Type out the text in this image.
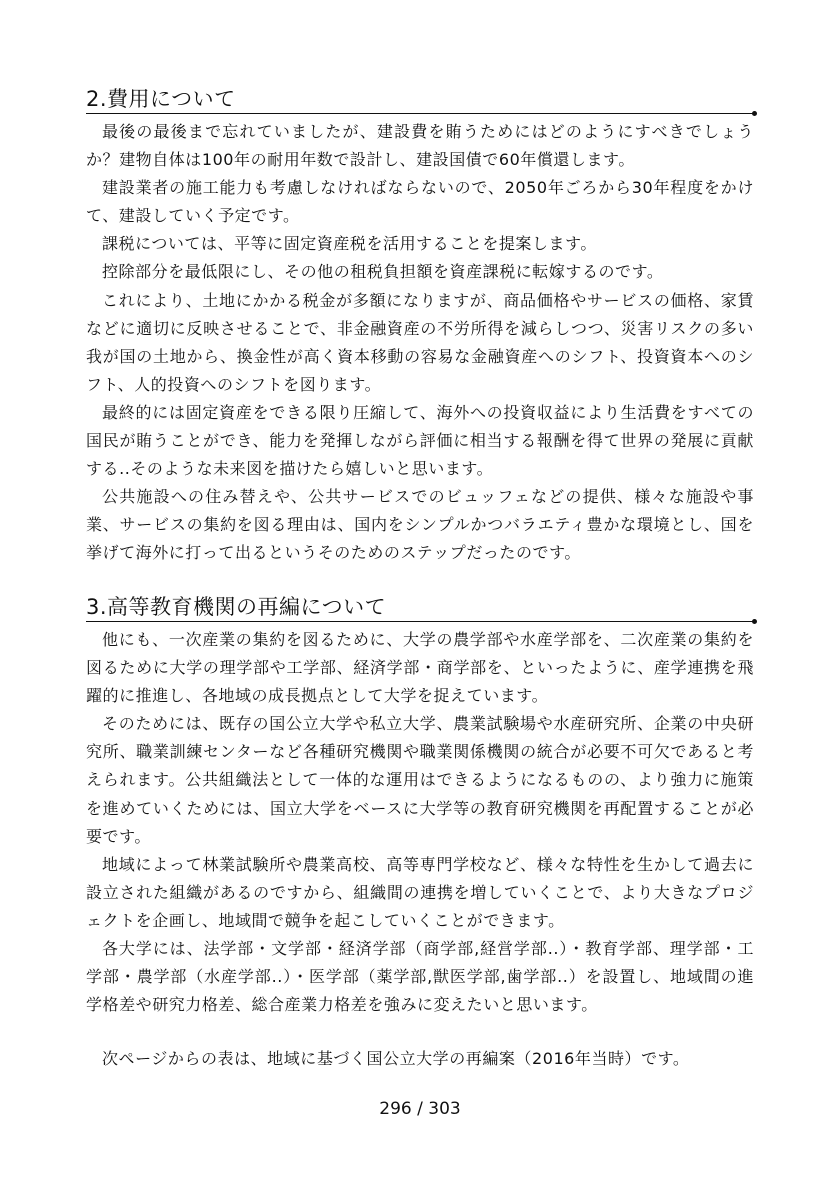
2.費用について

最後の最後まで忘れていましたが、建設費を賄うためにはどのようにすべきでしょうか？建物自体は100年の耐用年数で設計し、建設国債で60年償還します。

建設業者の施工能力も考慮しなければならないので、2050年ごろから30年程度をかけて、建設していく予定です。

課税については、平等に固定資産税を活用することを提案します。

控除部分を最低限にし、その他の租税負担額を資産課税に転嫁するのです。

これにより、土地にかかる税金が多額になりますが、商品価格やサービスの価格、家賃などに適切に反映させることで、非金融資産の不労所得を減らしつつ、災害リスクの多い我が国の土地から、換金性が高く資本移動の容易な金融資産へのシフト、投資資本へのシフト、人的投資へのシフトを図ります。

最終的には固定資産をできる限り圧縮して、海外への投資収益により生活費をすべての国民が賄うことができ、能力を発揮しながら評価に相当する報酬を得て世界の発展に貢献する..そのような未来図を描けたら嬉しいと思います。

公共施設への住み替えや、公共サービスでのビュッフェなどの提供、様々な施設や事業、サービスの集約を図る理由は、国内をシンプルかつバラエティ豊かな環境とし、国を挙げて海外に打って出るというそのためのステップだったのです。

3.高等教育機関の再編について

他にも、一次産業の集約を図るために、大学の農学部や水産学部を、二次産業の集約を図るために大学の理学部や工学部、経済学部・商学部を、といったように、産学連携を飛躍的に推進し、各地域の成長拠点として大学を捉えています。

そのためには、既存の国公立大学や私立大学、農業試験場や水産研究所、企業の中央研究所、職業訓練センターなど各種研究機関や職業関係機関の統合が必要不可欠であると考えられます。公共組織法として一体的な運用はできるようになるものの、より強力に施策を進めていくためには、国立大学をベースに大学等の教育研究機関を再配置することが必要です。

地域によって林業試験所や農業高校、高等専門学校など、様々な特性を生かして過去に設立された組織があるのですから、組織間の連携を増していくことで、より大きなプロジェクトを企画し、地域間で競争を起こしていくことができます。

各大学には、法学部・文学部・経済学部（商学部,経営学部..）・教育学部、理学部・工学部・農学部（水産学部..）・医学部（薬学部,獣医学部,歯学部..）を設置し、地域間の進学格差や研究力格差、総合産業力格差を強みに変えたいと思います。

次ページからの表は、地域に基づく国公立大学の再編案（2016年当時）です。

296 / 303
